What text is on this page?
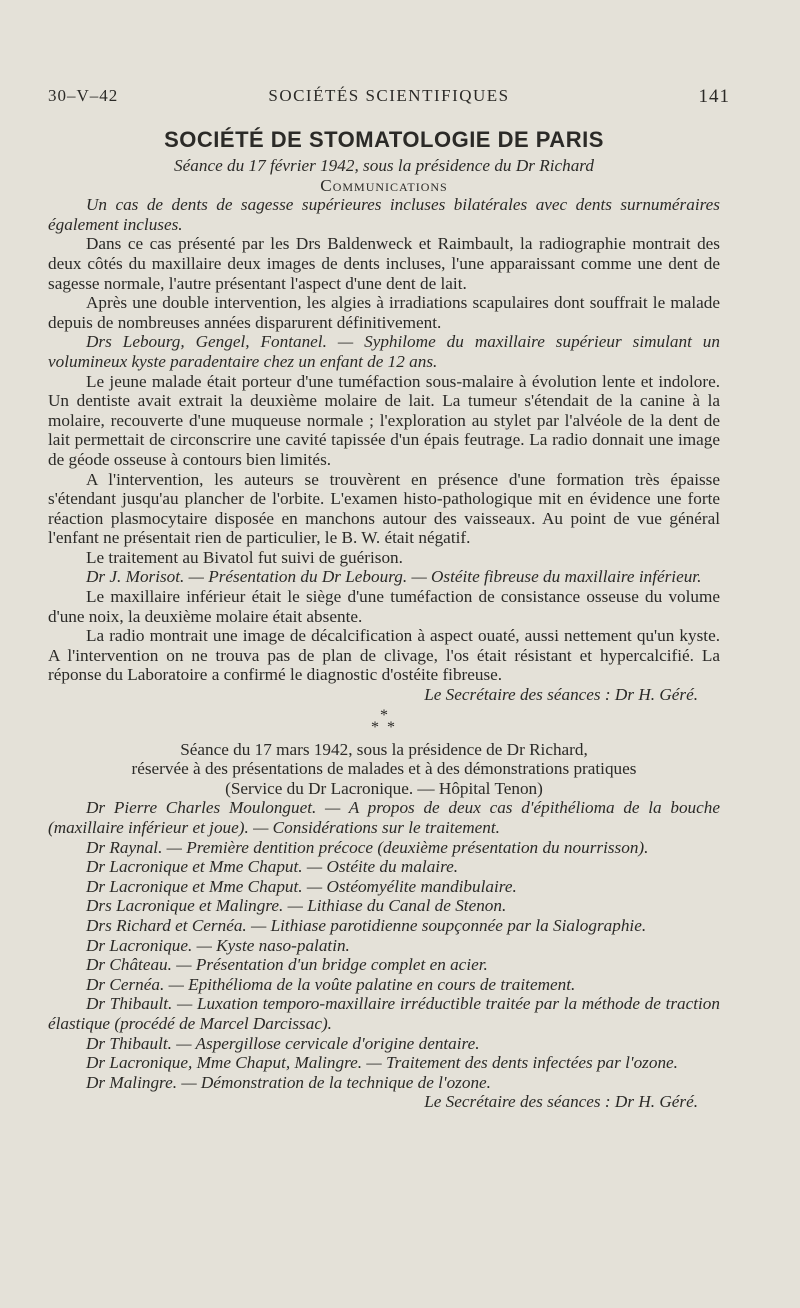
30–V–42	SOCIÉTÉS SCIENTIFIQUES	141
SOCIÉTÉ DE STOMATOLOGIE DE PARIS

Séance du 17 février 1942, sous la présidence du Dr Richard

Communications

Un cas de dents de sagesse supérieures incluses bilatérales avec dents surnuméraires également incluses.

Dans ce cas présenté par les Drs Baldenweck et Raimbault, la radiographie montrait des deux côtés du maxillaire deux images de dents incluses, l'une apparaissant comme une dent de sagesse normale, l'autre présentant l'aspect d'une dent de lait.

Après une double intervention, les algies à irradiations scapulaires dont souffrait le malade depuis de nombreuses années disparurent définitivement.

Drs Lebourg, Gengel, Fontanel. — Syphilome du maxillaire supérieur simulant un volumineux kyste paradentaire chez un enfant de 12 ans.

Le jeune malade était porteur d'une tuméfaction sous-malaire à évolution lente et indolore. Un dentiste avait extrait la deuxième molaire de lait. La tumeur s'étendait de la canine à la molaire, recouverte d'une muqueuse normale ; l'exploration au stylet par l'alvéole de la dent de lait permettait de circonscrire une cavité tapissée d'un épais feutrage. La radio donnait une image de géode osseuse à contours bien limités.

A l'intervention, les auteurs se trouvèrent en présence d'une formation très épaisse s'étendant jusqu'au plancher de l'orbite. L'examen histo-pathologique mit en évidence une forte réaction plasmocytaire disposée en manchons autour des vaisseaux. Au point de vue général l'enfant ne présentait rien de particulier, le B. W. était négatif.

Le traitement au Bivatol fut suivi de guérison.

Dr J. Morisot. — Présentation du Dr Lebourg. — Ostéite fibreuse du maxillaire inférieur.

Le maxillaire inférieur était le siège d'une tuméfaction de consistance osseuse du volume d'une noix, la deuxième molaire était absente.

La radio montrait une image de décalcification à aspect ouaté, aussi nettement qu'un kyste. A l'intervention on ne trouva pas de plan de clivage, l'os était résistant et hypercalcifié. La réponse du Laboratoire a confirmé le diagnostic d'ostéite fibreuse.

Le Secrétaire des séances : Dr H. Géré.

*
* *

Séance du 17 mars 1942, sous la présidence de Dr Richard,

réservée à des présentations de malades et à des démonstrations pratiques

(Service du Dr Lacronique. — Hôpital Tenon)

Dr Pierre Charles Moulonguet. — A propos de deux cas d'épithélioma de la bouche (maxillaire inférieur et joue). — Considérations sur le traitement.

Dr Raynal. — Première dentition précoce (deuxième présentation du nourrisson).

Dr Lacronique et Mme Chaput. — Ostéite du malaire.

Dr Lacronique et Mme Chaput. — Ostéomyélite mandibulaire.

Drs Lacronique et Malingre. — Lithiase du Canal de Stenon.

Drs Richard et Cernéa. — Lithiase parotidienne soupçonnée par la Sialographie.

Dr Lacronique. — Kyste naso-palatin.

Dr Château. — Présentation d'un bridge complet en acier.

Dr Cernéa. — Epithélioma de la voûte palatine en cours de traitement.

Dr Thibault. — Luxation temporo-maxillaire irréductible traitée par la méthode de traction élastique (procédé de Marcel Darcissac).

Dr Thibault. — Aspergillose cervicale d'origine dentaire.

Dr Lacronique, Mme Chaput, Malingre. — Traitement des dents infectées par l'ozone.

Dr Malingre. — Démonstration de la technique de l'ozone.

Le Secrétaire des séances : Dr H. Géré.
